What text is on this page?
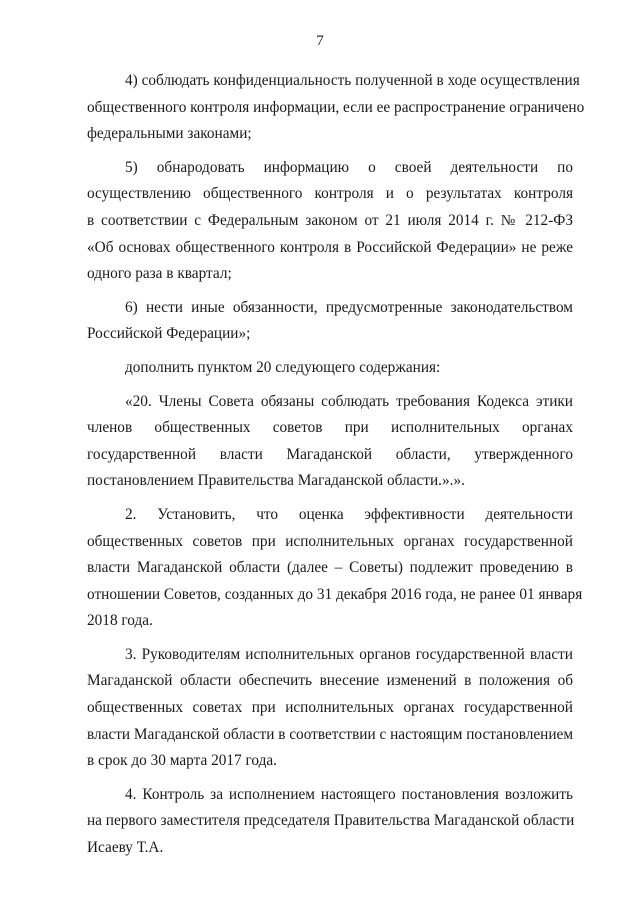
7

4) соблюдать конфиденциальность полученной в ходе осуществления
общественного контроля информации, если ее распространение ограничено
федеральными законами;

5) обнародовать информацию о своей деятельности по
осуществлению общественного контроля и о результатах контроля
в соответствии с Федеральным законом от 21 июля 2014 г. № 212-ФЗ
«Об основах общественного контроля в Российской Федерации» не реже
одного раза в квартал;

6) нести иные обязанности, предусмотренные законодательством
Российской Федерации»;

дополнить пунктом 20 следующего содержания:

«20. Члены Совета обязаны соблюдать требования Кодекса этики
членов общественных советов при исполнительных органах
государственной власти Магаданской области, утвержденного
постановлением Правительства Магаданской области.».».

2. Установить, что оценка эффективности деятельности
общественных советов при исполнительных органах государственной
власти Магаданской области (далее – Советы) подлежит проведению в
отношении Советов, созданных до 31 декабря 2016 года, не ранее 01 января
2018 года.

3. Руководителям исполнительных органов государственной власти
Магаданской области обеспечить внесение изменений в положения об
общественных советах при исполнительных органах государственной
власти Магаданской области в соответствии с настоящим постановлением
в срок до 30 марта 2017 года.

4. Контроль за исполнением настоящего постановления возложить
на первого заместителя председателя Правительства Магаданской области
Исаеву Т.А.
